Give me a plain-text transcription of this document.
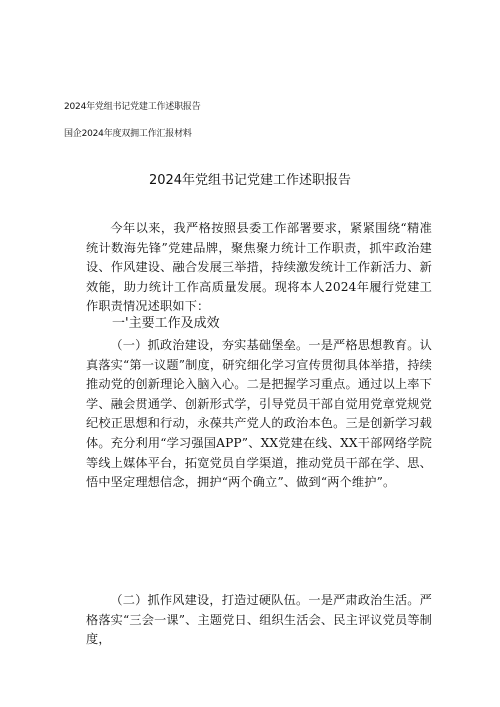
2024年党组书记党建工作述职报告
国企2024年度双拥工作汇报材料
2024年党组书记党建工作述职报告

今年以来，我严格按照县委工作部署要求，紧紧围绕“精准统计数海先锋”党建品牌，聚焦聚力统计工作职责，抓牢政治建设、作风建设、融合发展三举措，持续激发统计工作新活力、新效能，助力统计工作高质量发展。现将本人2024年履行党建工作职责情况述职如下：

一'主要工作及成效

（一）抓政治建设，夯实基础堡垒。一是严格思想教育。认真落实“第一议题”制度，研究细化学习宣传贯彻具体举措，持续推动党的创新理论入脑入心。二是把握学习重点。通过以上率下学、融会贯通学、创新形式学，引导党员干部自觉用党章党规党纪校正思想和行动，永葆共产党人的政治本色。三是创新学习载体。充分利用“学习强国APP”、XX党建在线、XX干部网络学院等线上媒体平台，拓宽党员自学渠道，推动党员干部在学、思、悟中坚定理想信念，拥护“两个确立”、做到“两个维护”。

（二）抓作风建设，打造过硬队伍。一是严肃政治生活。严格落实“三会一课”、主题党日、组织生活会、民主评议党员等制度，
